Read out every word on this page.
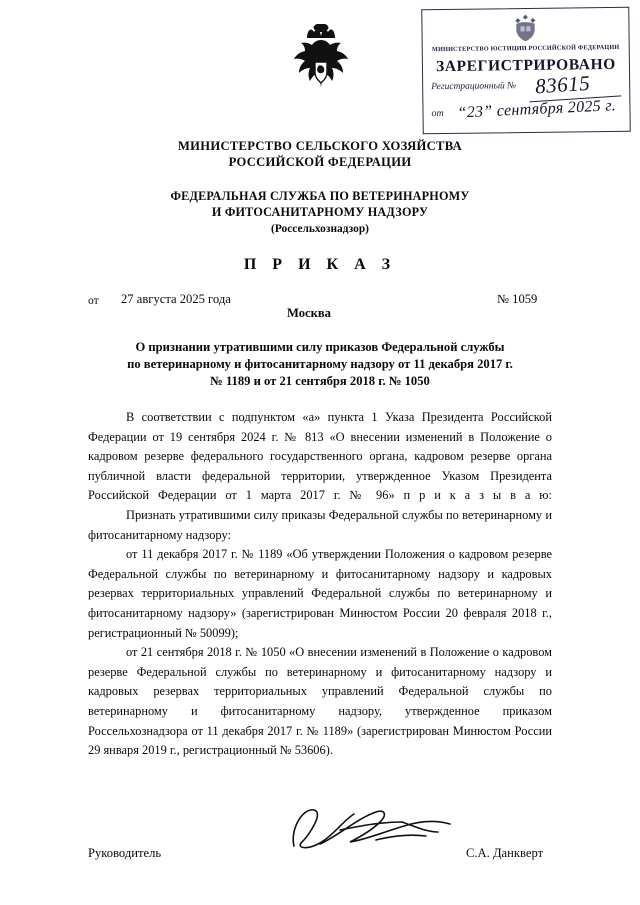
МИНИСТЕРСТВО ЮСТИЦИИ РОССИЙСКОЙ ФЕДЕРАЦИИ
ЗАРЕГИСТРИРОВАНО
Регистрационный № 83615
от “23” сентября 2025 г.
МИНИСТЕРСТВО СЕЛЬСКОГО ХОЗЯЙСТВА
РОССИЙСКОЙ ФЕДЕРАЦИИ
ФЕДЕРАЛЬНАЯ СЛУЖБА ПО ВЕТЕРИНАРНОМУ
И ФИТОСАНИТАРНОМУ НАДЗОРУ
(Россельхознадзор)
П Р И К А З
от 27 августа 2025 года
Москва
№ 1059
О признании утратившими силу приказов Федеральной службы
по ветеринарному и фитосанитарному надзору от 11 декабря 2017 г.
№ 1189 и от 21 сентября 2018 г. № 1050

В соответствии с подпунктом «а» пункта 1 Указа Президента Российской Федерации от 19 сентября 2024 г. № 813 «О внесении изменений в Положение о кадровом резерве федерального государственного органа, кадровом резерве органа публичной власти федеральной территории, утвержденное Указом Президента Российской Федерации от 1 марта 2017 г. № 96» п р и к а з ы в а ю:

Признать утратившими силу приказы Федеральной службы по ветеринарному и фитосанитарному надзору:

от 11 декабря 2017 г. № 1189 «Об утверждении Положения о кадровом резерве Федеральной службы по ветеринарному и фитосанитарному надзору и кадровых резервах территориальных управлений Федеральной службы по ветеринарному и фитосанитарному надзору» (зарегистрирован Минюстом России 20 февраля 2018 г., регистрационный № 50099);

от 21 сентября 2018 г. № 1050 «О внесении изменений в Положение о кадровом резерве Федеральной службы по ветеринарному и фитосанитарному надзору и кадровых резервах территориальных управлений Федеральной службы по ветеринарному и фитосанитарному надзору, утвержденное приказом Россельхознадзора от 11 декабря 2017 г. № 1189» (зарегистрирован Минюстом России 29 января 2019 г., регистрационный № 53606).

Руководитель	С.А. Данкверт
